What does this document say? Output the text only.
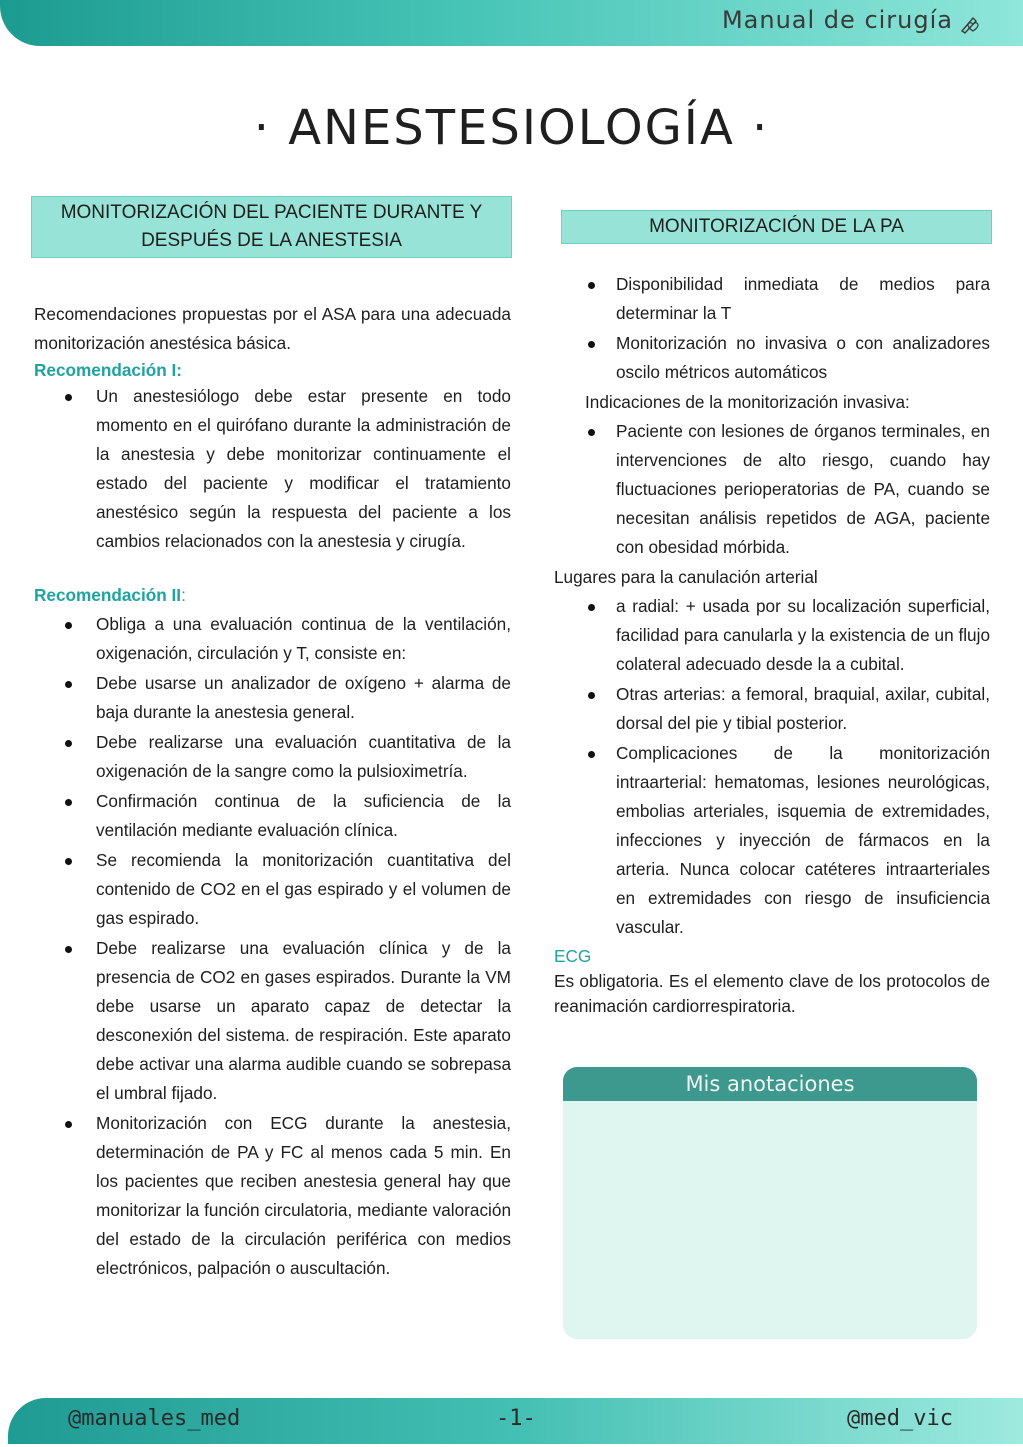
Manual de cirugía
· ANESTESIOLOGÍA ·
MONITORIZACIÓN DEL PACIENTE DURANTE Y DESPUÉS DE LA ANESTESIA

Recomendaciones propuestas por el ASA para una adecuada monitorización anestésica básica.

Recomendación I:
Un anestesiólogo debe estar presente en todo momento en el quirófano durante la administración de la anestesia y debe monitorizar continuamente el estado del paciente y modificar el tratamiento anestésico según la respuesta del paciente a los cambios relacionados con la anestesia y cirugía.
Recomendación II:
Obliga a una evaluación continua de la ventilación, oxigenación, circulación y T, consiste en:
Debe usarse un analizador de oxígeno + alarma de baja durante la anestesia general.
Debe realizarse una evaluación cuantitativa de la oxigenación de la sangre como la pulsioximetría.
Confirmación continua de la suficiencia de la ventilación mediante evaluación clínica.
Se recomienda la monitorización cuantitativa del contenido de CO2 en el gas espirado y el volumen de gas espirado.
Debe realizarse una evaluación clínica y de la presencia de CO2 en gases espirados. Durante la VM debe usarse un aparato capaz de detectar la desconexión del sistema. de respiración. Este aparato debe activar una alarma audible cuando se sobrepasa el umbral fijado.
Monitorización con ECG durante la anestesia, determinación de PA y FC al menos cada 5 min. En los pacientes que reciben anestesia general hay que monitorizar la función circulatoria, mediante valoración del estado de la circulación periférica con medios electrónicos, palpación o auscultación.
MONITORIZACIÓN DE LA PA
Disponibilidad inmediata de medios para determinar la T
Monitorización no invasiva o con analizadores oscilo métricos automáticos
Indicaciones de la monitorización invasiva:
Paciente con lesiones de órganos terminales, en intervenciones de alto riesgo, cuando hay fluctuaciones perioperatorias de PA, cuando se necesitan análisis repetidos de AGA, paciente con obesidad mórbida.
Lugares para la canulación arterial
a radial: + usada por su localización superficial, facilidad para canularla y la existencia de un flujo colateral adecuado desde la a cubital.
Otras arterias: a femoral, braquial, axilar, cubital, dorsal del pie y tibial posterior.
Complicaciones de la monitorización intraarterial: hematomas, lesiones neurológicas, embolias arteriales, isquemia de extremidades, infecciones y inyección de fármacos en la arteria. Nunca colocar catéteres intraarteriales en extremidades con riesgo de insuficiencia vascular.
ECG

Es obligatoria. Es el elemento clave de los protocolos de reanimación cardiorrespiratoria.

Mis anotaciones
@manuales_med	-1-	@med_vic
